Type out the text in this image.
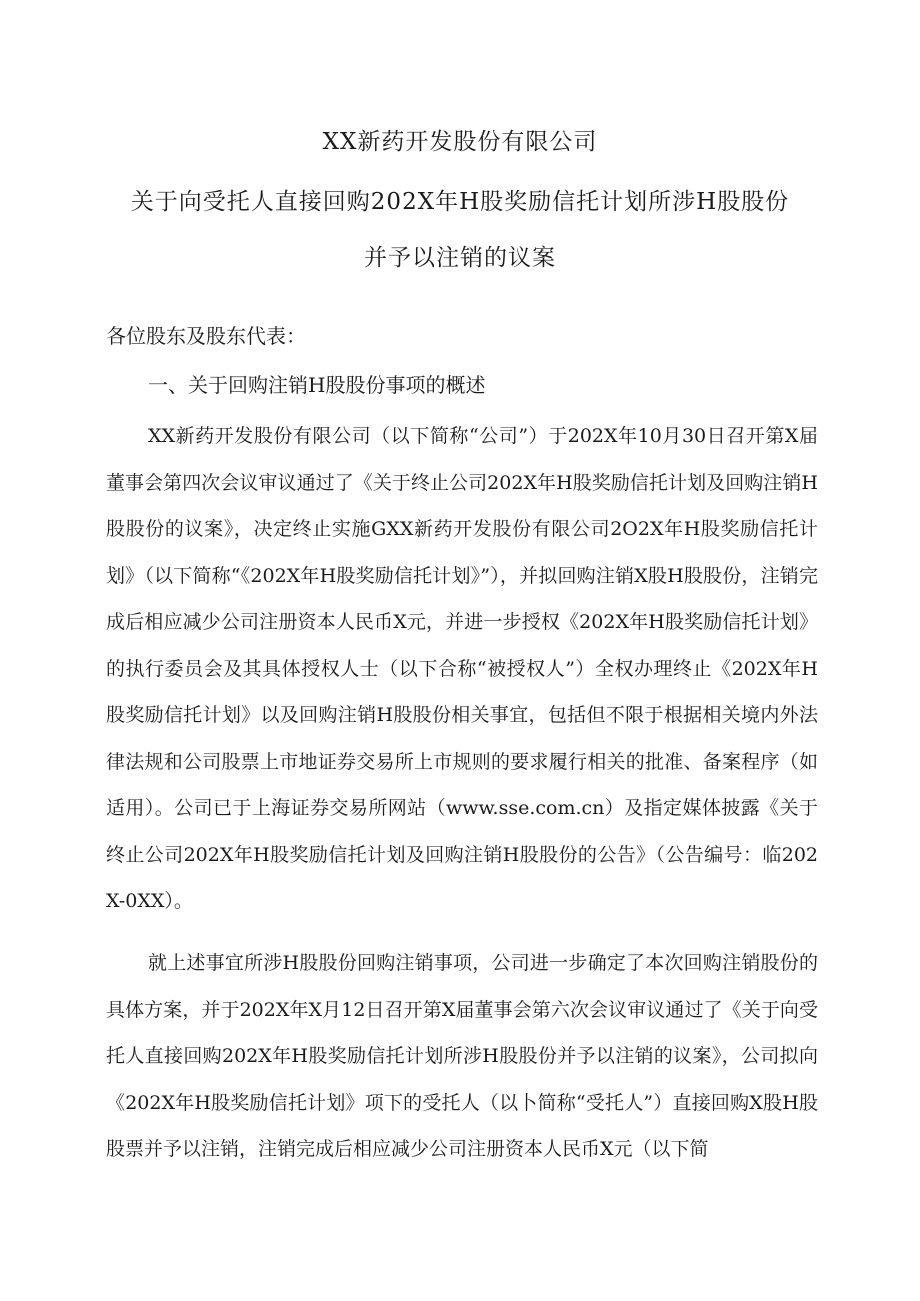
XX新药开发股份有限公司
关于向受托人直接回购202X年H股奖励信托计划所涉H股股份
并予以注销的议案
各位股东及股东代表：
一、关于回购注销H股股份事项的概述

XX新药开发股份有限公司（以下简称“公司”）于202X年10月30日召开第X届董事会第四次会议审议通过了《关于终止公司202X年H股奖励信托计划及回购注销H股股份的议案》，决定终止实施GXX新药开发股份有限公司2O2X年H股奖励信托计划》（以下简称“《202X年H股奖励信托计划》”），并拟回购注销X股H股股份，注销完成后相应减少公司注册资本人民币X元，并进一步授权《202X年H股奖励信托计划》的执行委员会及其具体授权人士（以下合称“被授权人”）全权办理终止《202X年H股奖励信托计划》以及回购注销H股股份相关事宜，包括但不限于根据相关境内外法律法规和公司股票上市地证券交易所上市规则的要求履行相关的批准、备案程序（如适用）。公司已于上海证券交易所网站（www.sse.com.cn）及指定媒体披露《关于终止公司202X年H股奖励信托计划及回购注销H股股份的公告》（公告编号：临202X-0XX）。

就上述事宜所涉H股股份回购注销事项，公司进一步确定了本次回购注销股份的具体方案，并于202X年X月12日召开第X届董事会第六次会议审议通过了《关于向受托人直接回购202X年H股奖励信托计划所涉H股股份并予以注销的议案》，公司拟向《202X年H股奖励信托计划》项下的受托人（以卜简称“受托人”）直接回购X股H股股票并予以注销，注销完成后相应减少公司注册资本人民币X元（以下简
